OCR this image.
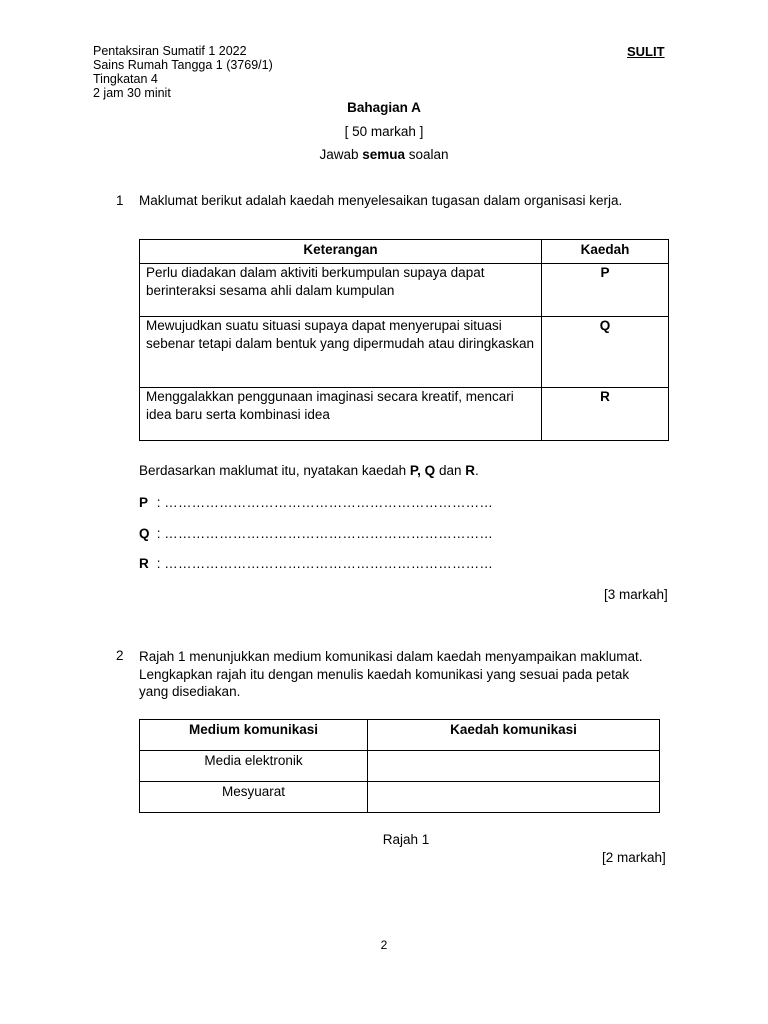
Pentaksiran Sumatif 1 2022
Sains Rumah Tangga 1 (3769/1)
Tingkatan 4
2 jam 30 minit
SULIT
Bahagian A
[ 50 markah ]
Jawab semua soalan
1 Maklumat berikut adalah kaedah menyelesaikan tugasan dalam organisasi kerja.
Keterangan	Kaedah
Perlu diadakan dalam aktiviti berkumpulan supaya dapat berinteraksi sesama ahli dalam kumpulan	P
Mewujudkan suatu situasi supaya dapat menyerupai situasi sebenar tetapi dalam bentuk yang dipermudah atau diringkaskan	Q
Menggalakkan penggunaan imaginasi secara kreatif, mencari idea baru serta kombinasi idea	R
Berdasarkan maklumat itu, nyatakan kaedah P, Q dan R.
P : ………………………………………………………………
Q : ………………………………………………………………
R : ………………………………………………………………
[3 markah]
2 Rajah 1 menunjukkan medium komunikasi dalam kaedah menyampaikan maklumat.
Lengkapkan rajah itu dengan menulis kaedah komunikasi yang sesuai pada petak
yang disediakan.
Medium komunikasi	Kaedah komunikasi
Media elektronik	
Mesyuarat	
Rajah 1
[2 markah]
2
